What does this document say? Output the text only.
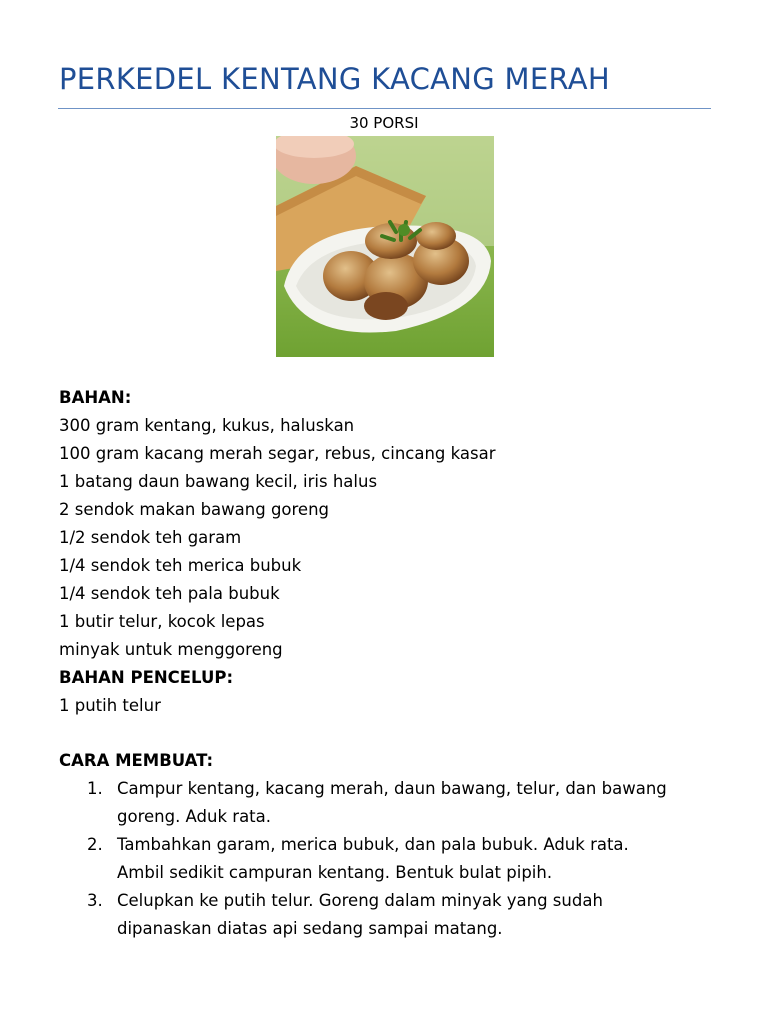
PERKEDEL KENTANG KACANG MERAH
30 PORSI
BAHAN:
300 gram kentang, kukus, haluskan
100 gram kacang merah segar, rebus, cincang kasar
1 batang daun bawang kecil, iris halus
2 sendok makan bawang goreng
1/2 sendok teh garam
1/4 sendok teh merica bubuk
1/4 sendok teh pala bubuk
1 butir telur, kocok lepas
minyak untuk menggoreng
BAHAN PENCELUP:
1 putih telur
CARA MEMBUAT:
1. Campur kentang, kacang merah, daun bawang, telur, dan bawang
goreng. Aduk rata.
2. Tambahkan garam, merica bubuk, dan pala bubuk. Aduk rata.
Ambil sedikit campuran kentang. Bentuk bulat pipih.
3. Celupkan ke putih telur. Goreng dalam minyak yang sudah
dipanaskan diatas api sedang sampai matang.
